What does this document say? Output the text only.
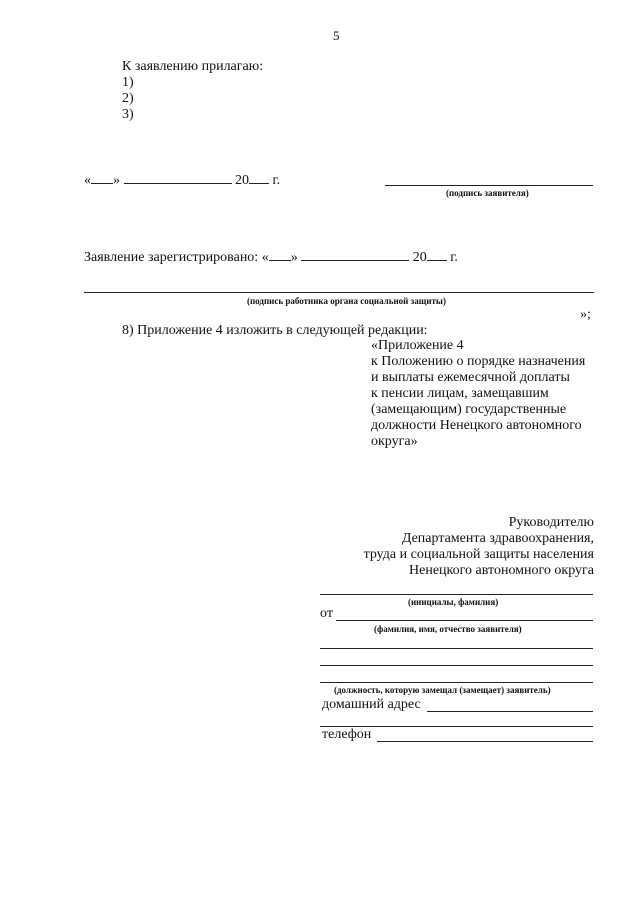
5
К заявлению прилагаю:
1)
2)
3)
« »	20 г.
(подпись заявителя)
Заявление зарегистрировано: « »	20 г.
(подпись работника органа социальной защиты)
»;
8) Приложение 4 изложить в следующей редакции:
«Приложение 4
к Положению о порядке назначения
и выплаты ежемесячной доплаты
к пенсии лицам, замещавшим
(замещающим) государственные
должности Ненецкого автономного
округа»
Руководителю
Департамента здравоохранения,
труда и социальной защиты населения
Ненецкого автономного округа
(инициалы, фамилия)
от
(фамилия, имя, отчество заявителя)
(должность, которую замещал (замещает) заявитель)
домашний адрес
телефон
